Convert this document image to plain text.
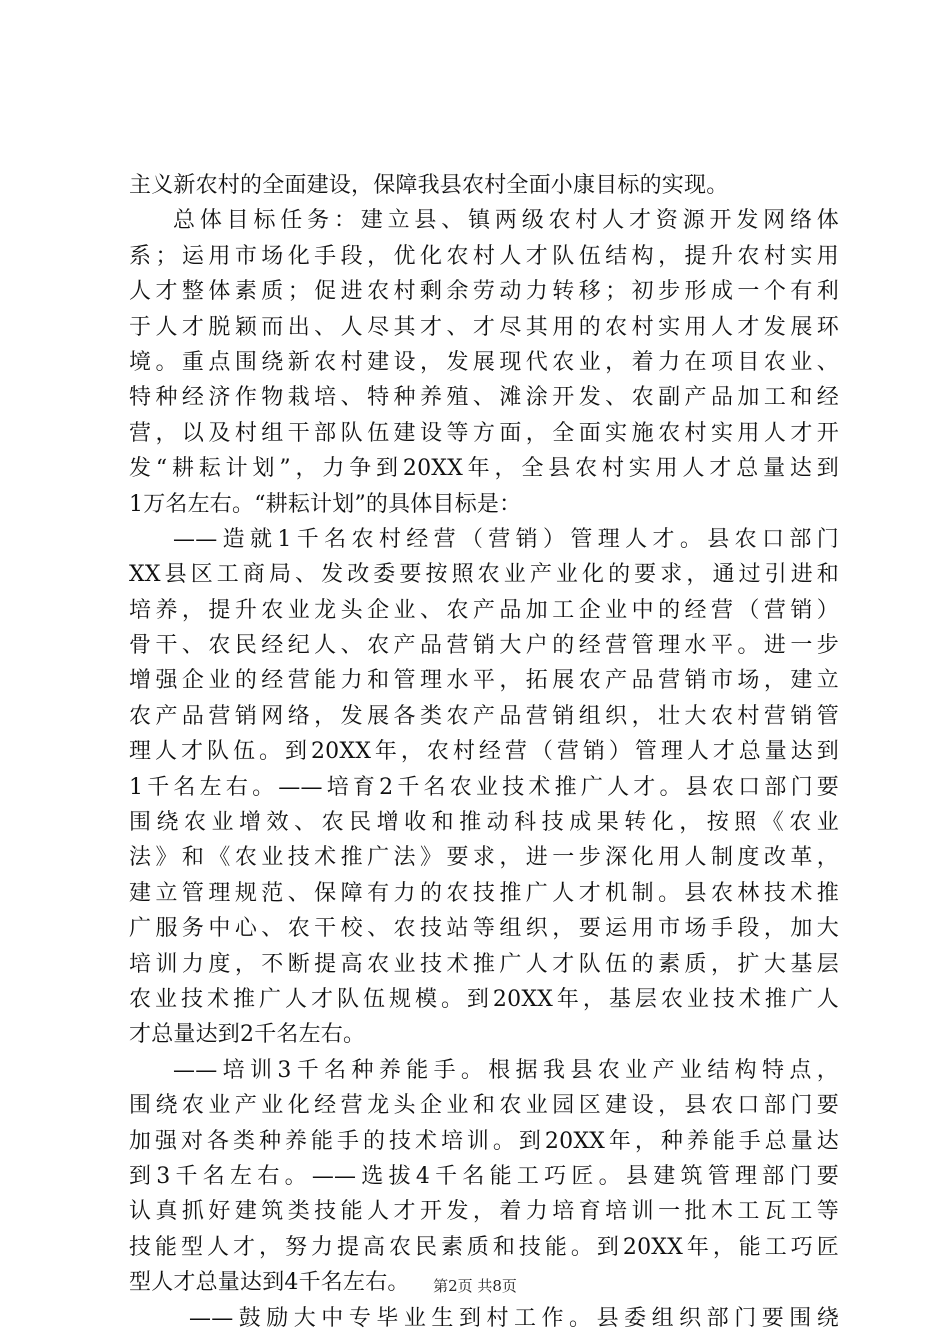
主义新农村的全面建设，保障我县农村全面小康目标的实现。
总体目标任务：建立县、镇两级农村人才资源开发网络体
系；运用市场化手段，优化农村人才队伍结构，提升农村实用
人才整体素质；促进农村剩余劳动力转移；初步形成一个有利
于人才脱颖而出、人尽其才、才尽其用的农村实用人才发展环
境。重点围绕新农村建设，发展现代农业，着力在项目农业、
特种经济作物栽培、特种养殖、滩涂开发、农副产品加工和经
营，以及村组干部队伍建设等方面，全面实施农村实用人才开
发“耕耘计划”，力争到20XX年，全县农村实用人才总量达到
1万名左右。“耕耘计划”的具体目标是：
——造就1千名农村经营（营销）管理人才。县农口部门
XX县区工商局、发改委要按照农业产业化的要求，通过引进和
培养，提升农业龙头企业、农产品加工企业中的经营（营销）
骨干、农民经纪人、农产品营销大户的经营管理水平。进一步
增强企业的经营能力和管理水平，拓展农产品营销市场，建立
农产品营销网络，发展各类农产品营销组织，壮大农村营销管
理人才队伍。到20XX年，农村经营（营销）管理人才总量达到
1千名左右。——培育2千名农业技术推广人才。县农口部门要
围绕农业增效、农民增收和推动科技成果转化，按照《农业
法》和《农业技术推广法》要求，进一步深化用人制度改革，
建立管理规范、保障有力的农技推广人才机制。县农林技术推
广服务中心、农干校、农技站等组织，要运用市场手段，加大
培训力度，不断提高农业技术推广人才队伍的素质，扩大基层
农业技术推广人才队伍规模。到20XX年，基层农业技术推广人
才总量达到2千名左右。
——培训3千名种养能手。根据我县农业产业结构特点，
围绕农业产业化经营龙头企业和农业园区建设，县农口部门要
加强对各类种养能手的技术培训。到20XX年，种养能手总量达
到3千名左右。——选拔4千名能工巧匠。县建筑管理部门要
认真抓好建筑类技能人才开发，着力培育培训一批木工瓦工等
技能型人才，努力提高农民素质和技能。到20XX年，能工巧匠
型人才总量达到4千名左右。
——鼓励大中专毕业生到村工作。县委组织部门要围绕
第2页 共8页
